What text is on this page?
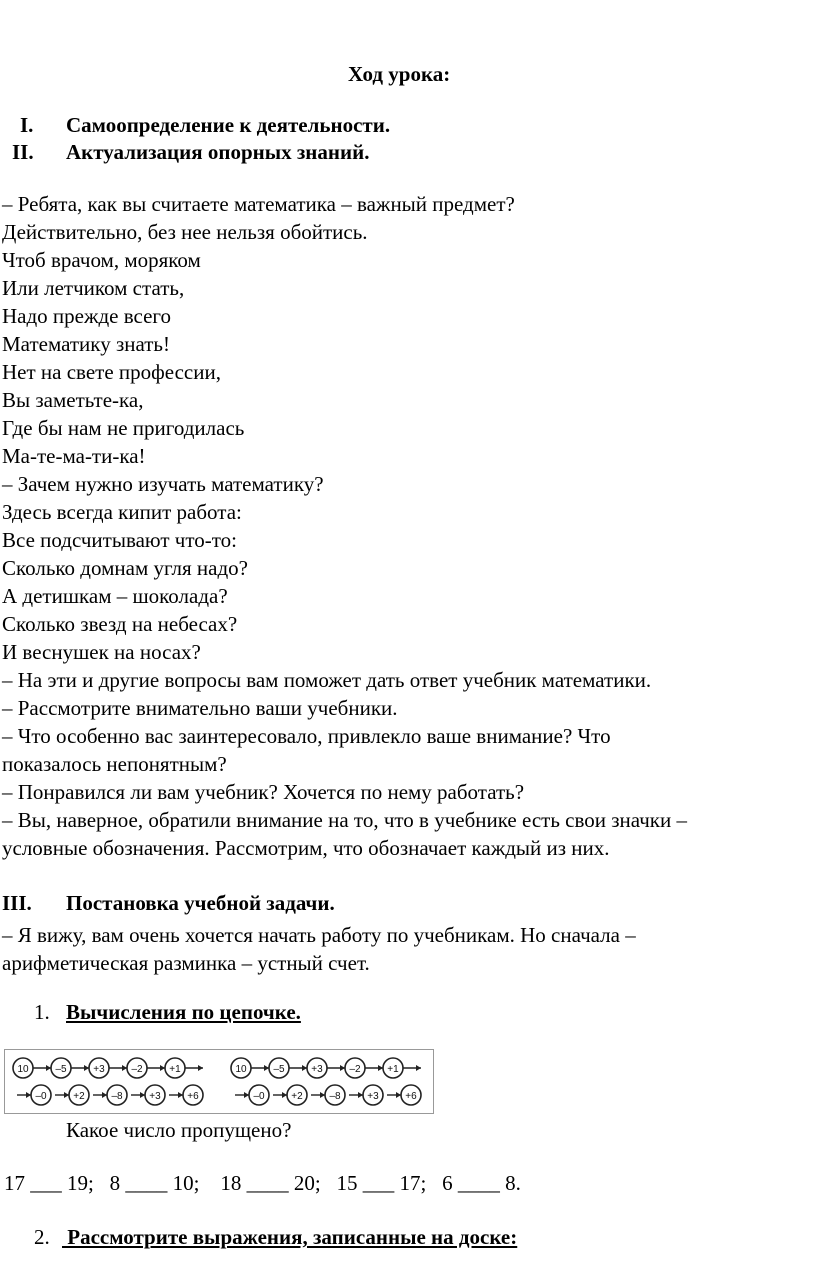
Ход урока:
I. Самоопределение к деятельности.
II. Актуализация опорных знаний.
– Ребята, как вы считаете математика – важный предмет?
Действительно, без нее нельзя обойтись.
Чтоб врачом, моряком
Или летчиком стать,
Надо прежде всего
Математику знать!
Нет на свете профессии,
Вы заметьте-ка,
Где бы нам не пригодилась
Ма-те-ма-ти-ка!
– Зачем нужно изучать математику?
Здесь всегда кипит работа:
Все подсчитывают что-то:
Сколько домнам угля надо?
А детишкам – шоколада?
Сколько звезд на небесах?
И веснушек на носах?
– На эти и другие вопросы вам поможет дать ответ учебник математики.
– Рассмотрите внимательно ваши учебники.
– Что особенно вас заинтересовало, привлекло ваше внимание? Что
показалось непонятным?
– Понравился ли вам учебник? Хочется по нему работать?
– Вы, наверное, обратили внимание на то, что в учебнике есть свои значки –
условные обозначения. Рассмотрим, что обозначает каждый из них.
III. Постановка учебной задачи.
– Я вижу, вам очень хочется начать работу по учебникам. Но сначала –
арифметическая разминка – устный счет.
1. Вычисления по цепочке.
10	–5	+3	–2	+1
–0	+2	–8	+3	+6
10	–5	+3	–2	+1
–0	+2	–8	+3	+6
Какое число пропущено?
17 ___ 19;   8 ____ 10;    18 ____ 20;   15 ___ 17;   6 ____ 8.
2. Рассмотрите выражения, записанные на доске:
